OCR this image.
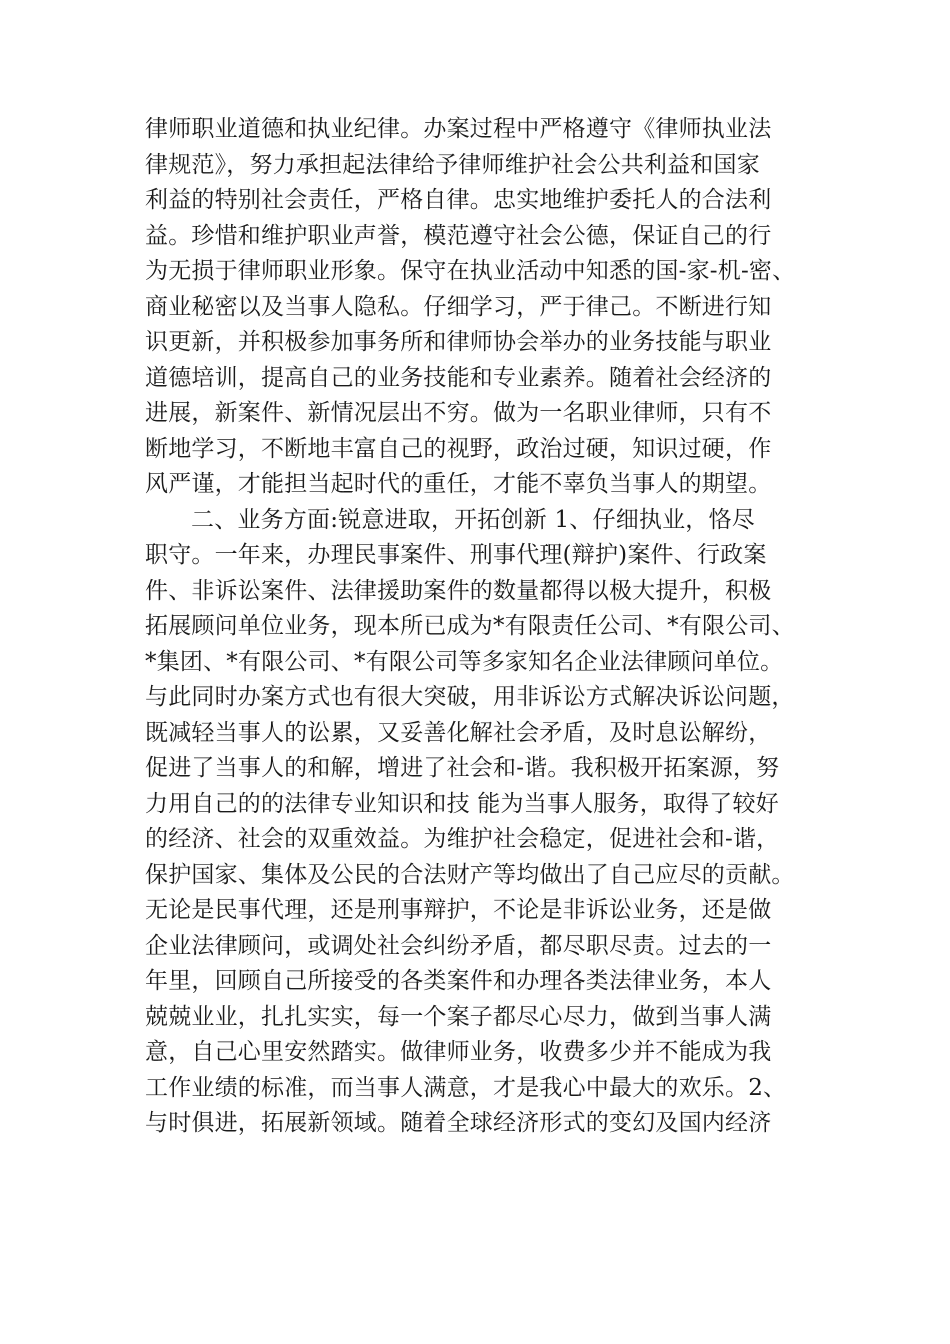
律师职业道德和执业纪律。办案过程中严格遵守《律师执业法
律规范》，努力承担起法律给予律师维护社会公共利益和国家
利益的特别社会责任，严格自律。忠实地维护委托人的合法利
益。珍惜和维护职业声誉，模范遵守社会公德，保证自己的行
为无损于律师职业形象。保守在执业活动中知悉的国-家-机-密、
商业秘密以及当事人隐私。仔细学习，严于律己。不断进行知
识更新，并积极参加事务所和律师协会举办的业务技能与职业
道德培训，提高自己的业务技能和专业素养。随着社会经济的
进展，新案件、新情况层出不穷。做为一名职业律师，只有不
断地学习，不断地丰富自己的视野，政治过硬，知识过硬，作
风严谨，才能担当起时代的重任，才能不辜负当事人的期望。
二、业务方面:锐意进取，开拓创新 1、仔细执业，恪尽
职守。一年来，办理民事案件、刑事代理(辩护)案件、行政案
件、非诉讼案件、法律援助案件的数量都得以极大提升，积极
拓展顾问单位业务，现本所已成为*有限责任公司、*有限公司、
*集团、*有限公司、*有限公司等多家知名企业法律顾问单位。
与此同时办案方式也有很大突破，用非诉讼方式解决诉讼问题，
既减轻当事人的讼累，又妥善化解社会矛盾，及时息讼解纷，
促进了当事人的和解，增进了社会和-谐。我积极开拓案源，努
力用自己的的法律专业知识和技 能为当事人服务，取得了较好
的经济、社会的双重效益。为维护社会稳定，促进社会和-谐，
保护国家、集体及公民的合法财产等均做出了自己应尽的贡献。
无论是民事代理，还是刑事辩护，不论是非诉讼业务，还是做
企业法律顾问，或调处社会纠纷矛盾，都尽职尽责。过去的一
年里，回顾自己所接受的各类案件和办理各类法律业务，本人
兢兢业业，扎扎实实，每一个案子都尽心尽力，做到当事人满
意，自己心里安然踏实。做律师业务，收费多少并不能成为我
工作业绩的标准，而当事人满意，才是我心中最大的欢乐。2、
与时俱进，拓展新领域。随着全球经济形式的变幻及国内经济
